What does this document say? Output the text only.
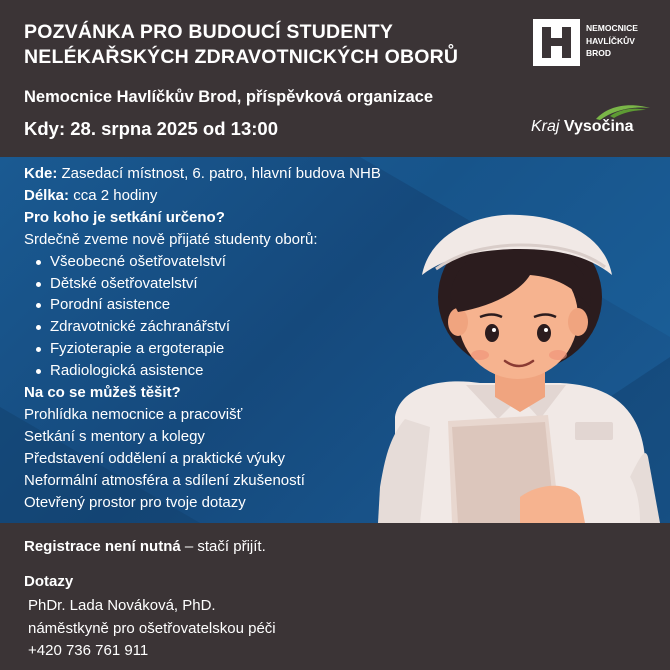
POZVÁNKA PRO BUDOUCÍ STUDENTY NELÉKAŘSKÝCH ZDRAVOTNICKÝCH OBORŮ
Nemocnice Havlíčkův Brod, příspěvková organizace
Kdy: 28. srpna 2025 od 13:00
NEMOCNICE
HAVLÍČKŮV
BROD
Kraj Vysočina
Kde: Zasedací místnost, 6. patro, hlavní budova NHB
Délka: cca 2 hodiny
Pro koho je setkání určeno?
Srdečně zveme nově přijaté studenty oborů:
Všeobecné ošetřovatelství
Dětské ošetřovatelství
Porodní asistence
Zdravotnické záchranářství
Fyzioterapie a ergoterapie
Radiologická asistence
Na co se můžeš těšit?
Prohlídka nemocnice a pracovišť
Setkání s mentory a kolegy
Představení oddělení a praktické výuky
Neformální atmosféra a sdílení zkušeností
Otevřený prostor pro tvoje dotazy
Registrace není nutná – stačí přijít.
Dotazy
PhDr. Lada Nováková, PhD.
náměstkyně pro ošetřovatelskou péči
+420 736 761 911
